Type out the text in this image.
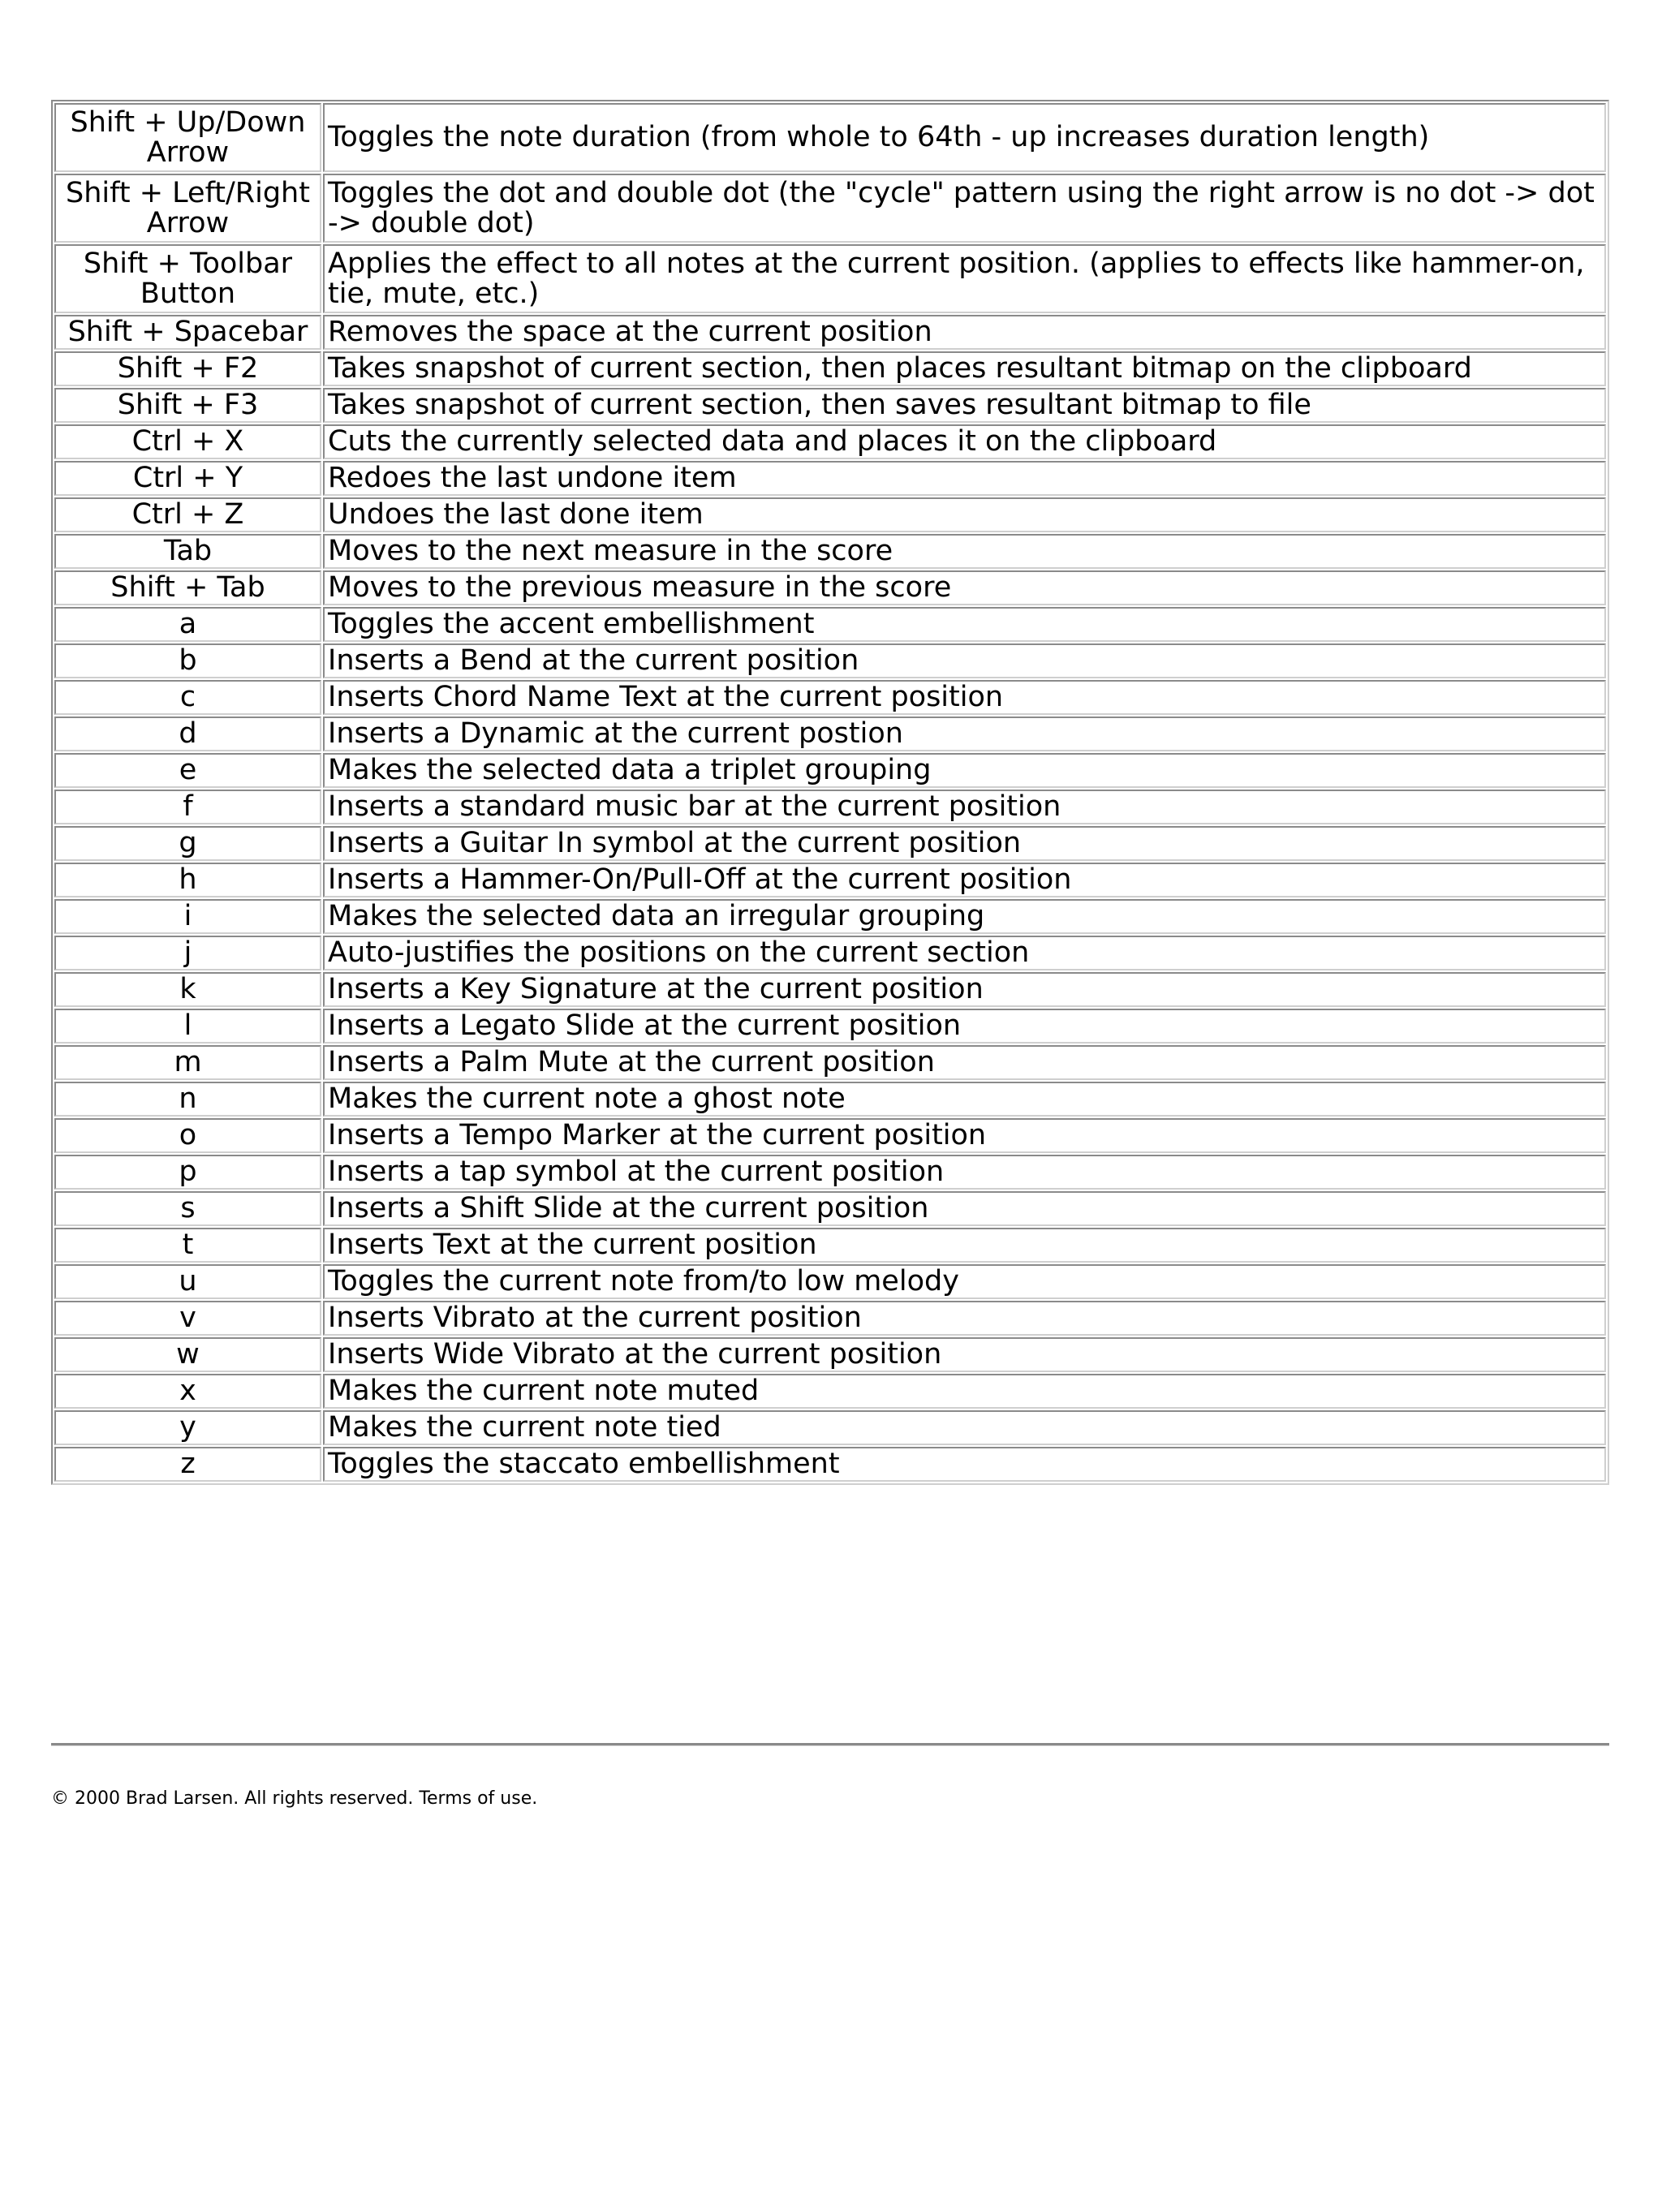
Shift + Up/Down Arrow	Toggles the note duration (from whole to 64th - up increases duration length)
Shift + Left/Right Arrow	Toggles the dot and double dot (the "cycle" pattern using the right arrow is no dot -> dot -> double dot)
Shift + Toolbar Button	Applies the effect to all notes at the current position. (applies to effects like hammer-on, tie, mute, etc.)
Shift + Spacebar	Removes the space at the current position
Shift + F2	Takes snapshot of current section, then places resultant bitmap on the clipboard
Shift + F3	Takes snapshot of current section, then saves resultant bitmap to file
Ctrl + X	Cuts the currently selected data and places it on the clipboard
Ctrl + Y	Redoes the last undone item
Ctrl + Z	Undoes the last done item
Tab	Moves to the next measure in the score
Shift + Tab	Moves to the previous measure in the score
a	Toggles the accent embellishment
b	Inserts a Bend at the current position
c	Inserts Chord Name Text at the current position
d	Inserts a Dynamic at the current postion
e	Makes the selected data a triplet grouping
f	Inserts a standard music bar at the current position
g	Inserts a Guitar In symbol at the current position
h	Inserts a Hammer-On/Pull-Off at the current position
i	Makes the selected data an irregular grouping
j	Auto-justifies the positions on the current section
k	Inserts a Key Signature at the current position
l	Inserts a Legato Slide at the current position
m	Inserts a Palm Mute at the current position
n	Makes the current note a ghost note
o	Inserts a Tempo Marker at the current position
p	Inserts a tap symbol at the current position
s	Inserts a Shift Slide at the current position
t	Inserts Text at the current position
u	Toggles the current note from/to low melody
v	Inserts Vibrato at the current position
w	Inserts Wide Vibrato at the current position
x	Makes the current note muted
y	Makes the current note tied
z	Toggles the staccato embellishment
© 2000 Brad Larsen. All rights reserved. Terms of use.
